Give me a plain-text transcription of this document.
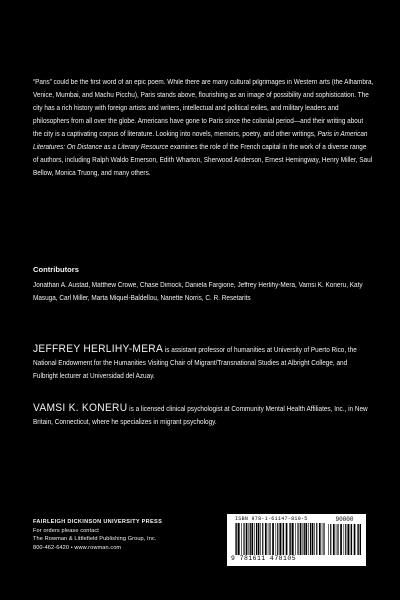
“Paris” could be the first word of an epic poem. While there are many cultural pilgrimages in Western arts (the Alhambra, Venice, Mumbai, and Machu Picchu), Paris stands above, flourishing as an image of possibility and sophistication. The city has a rich history with foreign artists and writers, intellectual and political exiles, and military leaders and philosophers from all over the globe. Americans have gone to Paris since the colonial period—and their writing about the city is a captivating corpus of literature. Looking into novels, memoirs, poetry, and other writings, Paris in American Literatures: On Distance as a Literary Resource examines the role of the French capital in the work of a diverse range of authors, including Ralph Waldo Emerson, Edith Wharton, Sherwood Anderson, Ernest Hemingway, Henry Miller, Saul Bellow, Monica Truong, and many others.

Contributors
Jonathan A. Austad, Matthew Crowe, Chase Dimock, Daniela Fargione, Jeffrey Herlihy-Mera, Vamsi K. Koneru, Katy Masuga, Carl Miller, Marta Miquel-Baldellou, Nanette Norris, C. R. Resetarits
JEFFREY HERLIHY-MERA is assistant professor of humanities at University of Puerto Rico, the National Endowment for the Humanities Visiting Chair of Migrant/Transnational Studies at Albright College, and Fulbright lecturer at Universidad del Azuay.
VAMSI K. KONERU is a licensed clinical psychologist at Community Mental Health Affiliates, Inc., in New Britain, Connecticut, where he specializes in migrant psychology.
FAIRLEIGH DICKINSON UNIVERSITY PRESS
For orders please contact
The Rowman & Littlefield Publishing Group, Inc.
800-462-6420 • www.rowman.com
ISBN 978-1-61147-810-5	90000
9 781611 478105
